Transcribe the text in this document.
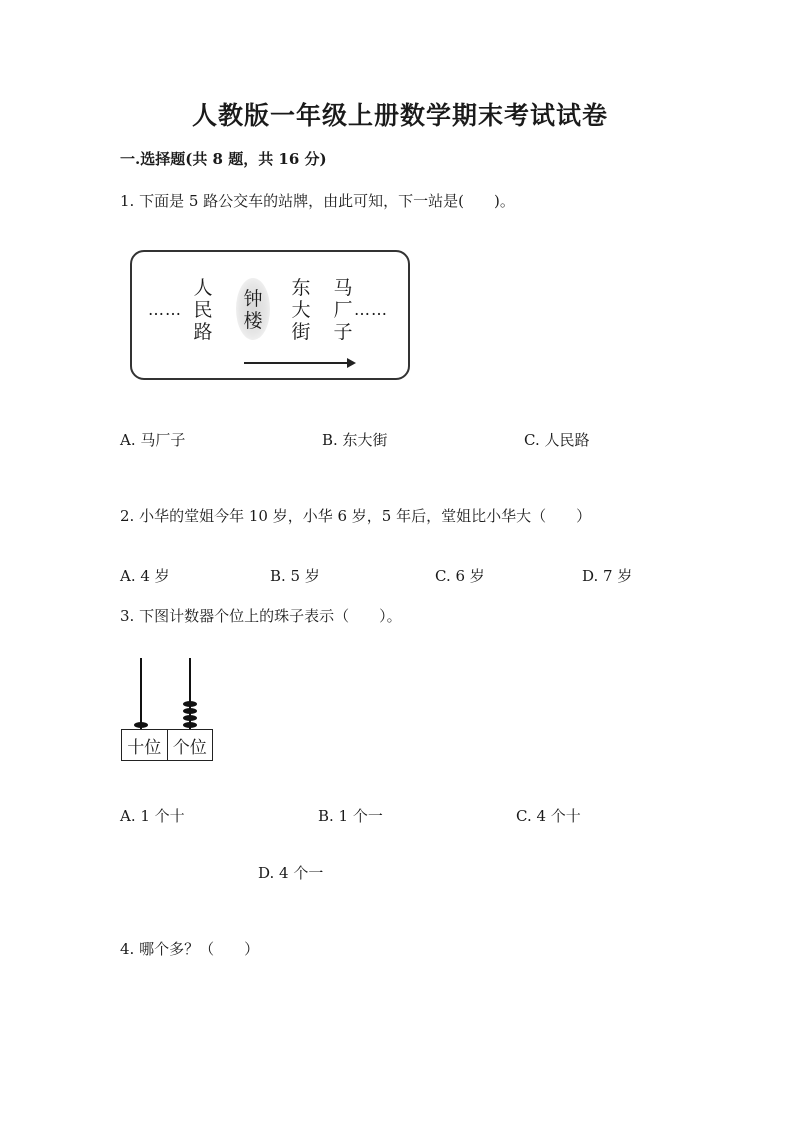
人教版一年级上册数学期末考试试卷
一.选择题(共 8 题，共 16 分)
1. 下面是 5 路公交车的站牌，由此可知，下一站是(　　)。
……
人
民
路
钟
楼
东
大
街
马
厂
子
……
A. 马厂子	B. 东大街	C. 人民路
2. 小华的堂姐今年 10 岁，小华 6 岁，5 年后，堂姐比小华大（　　）
A. 4 岁	B. 5 岁	C. 6 岁	D. 7 岁
3. 下图计数器个位上的珠子表示（　　）。
十位 个位
A. 1 个十	B. 1 个一	C. 4 个十
D. 4 个一
4. 哪个多？（　　）
